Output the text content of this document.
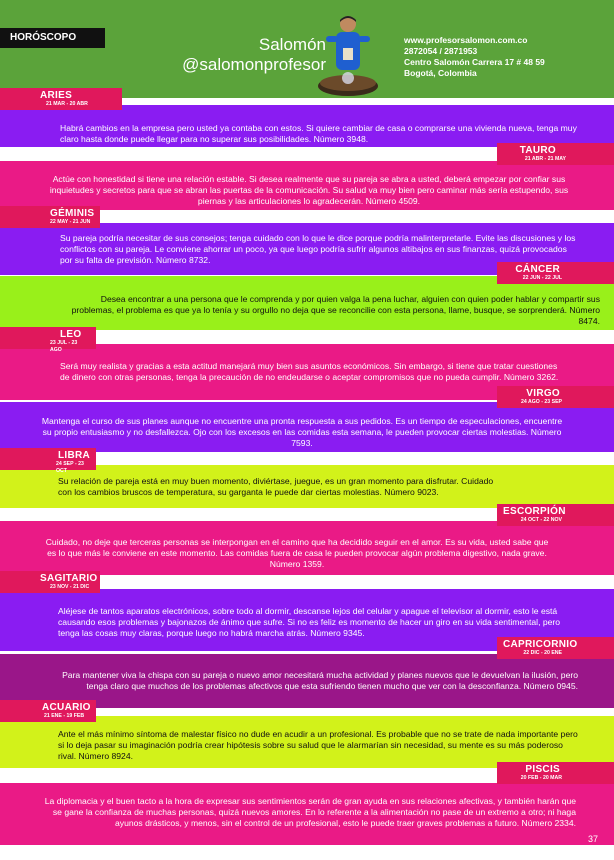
HORÓSCOPO	Salomón
@salomonprofesor
www.profesorsalomon.com.co
2872054 / 2871953
Centro Salomón Carrera 17 # 48 59
Bogotá, Colombia
ARIES
21 MAR - 20 ABR
TAURO
21 ABR - 21 MAY
GÉMINIS
22 MAY - 21 JUN
CÁNCER
22 JUN - 22 JUL
LEO
23 JUL - 23 AGO
VIRGO
24 AGO - 23 SEP
LIBRA
24 SEP - 23 OCT
ESCORPIÓN
24 OCT - 22 NOV
SAGITARIO
23 NOV - 21 DIC
CAPRICORNIO
22 DIC - 20 ENE
ACUARIO
21 ENE - 19 FEB
PISCIS
20 FEB - 20 MAR
Habrá cambios en la empresa pero usted ya contaba con estos. Si quiere cambiar de casa o comprarse una vivienda nueva, tenga muy claro hasta donde puede llegar para no superar sus posibilidades. Número 3948.
Actúe con honestidad si tiene una relación estable. Si desea realmente que su pareja se abra a usted, deberá empezar por confiar sus inquietudes y secretos para que se abran las puertas de la comunicación. Su salud va muy bien pero caminar más sería estupendo, sus piernas y las articulaciones lo agradecerán. Número 4509.
Su pareja podría necesitar de sus consejos; tenga cuidado con lo que le dice porque podría malinterpretarle. Evite las discusiones y los conflictos con su pareja. Le conviene ahorrar un poco, ya que luego podría sufrir algunos altibajos en sus finanzas, quizá provocados por su falta de previsión. Número 8732.
Desea encontrar a una persona que le comprenda y por quien valga la pena luchar, alguien con quien poder hablar y compartir sus problemas, el problema es que ya lo tenía y su orgullo no deja que se reconcilie con esta persona, llame, busque, se sorprenderá. Número 8474.
Será muy realista y gracias a esta actitud manejará muy bien sus asuntos económicos. Sin embargo, si tiene que tratar cuestiones de dinero con otras personas, tenga la precaución de no endeudarse o aceptar compromisos que no pueda cumplir. Número 3262.
Mantenga el curso de sus planes aunque no encuentre una pronta respuesta a sus pedidos. Es un tiempo de especulaciones, encuentre su propio entusiasmo y no desfallezca. Ojo con los excesos en las comidas esta semana, le pueden provocar ciertas molestias. Número 7593.
Su relación de pareja está en muy buen momento, diviértase, juegue, es un gran momento para disfrutar. Cuidado con los cambios bruscos de temperatura, su garganta le puede dar ciertas molestias. Número 9023.
Cuidado, no deje que terceras personas se interpongan en el camino que ha decidido seguir en el amor. Es su vida, usted sabe que es lo que más le conviene en este momento. Las comidas fuera de casa le pueden provocar algún problema digestivo, nada grave. Número 1359.
Aléjese de tantos aparatos electrónicos, sobre todo al dormir, descanse lejos del celular y apague el televisor al dormir, esto le está causando esos problemas y bajonazos de ánimo que sufre. Si no es feliz es momento de hacer un giro en su vida sentimental, pero tenga las cosas muy claras, porque luego no habrá marcha atrás. Número 9345.
Para mantener viva la chispa con su pareja o nuevo amor necesitará mucha actividad y planes nuevos que le devuelvan la ilusión, pero tenga claro que muchos de los problemas afectivos que esta sufriendo tienen mucho que ver con la desconfianza. Número 0945.
Ante el más mínimo síntoma de malestar físico no dude en acudir a un profesional. Es probable que no se trate de nada importante pero si lo deja pasar su imaginación podría crear hipótesis sobre su salud que le alarmarían sin necesidad, su mente es su más poderoso rival. Número 8924.
La diplomacia y el buen tacto a la hora de expresar sus sentimientos serán de gran ayuda en sus relaciones afectivas, y también harán que se gane la confianza de muchas personas, quizá nuevos amores. En lo referente a la alimentación no pase de un extremo a otro; ni haga ayunos drásticos, y menos, sin el control de un profesional, esto le puede traer graves problemas a futuro. Número 2334.
37
